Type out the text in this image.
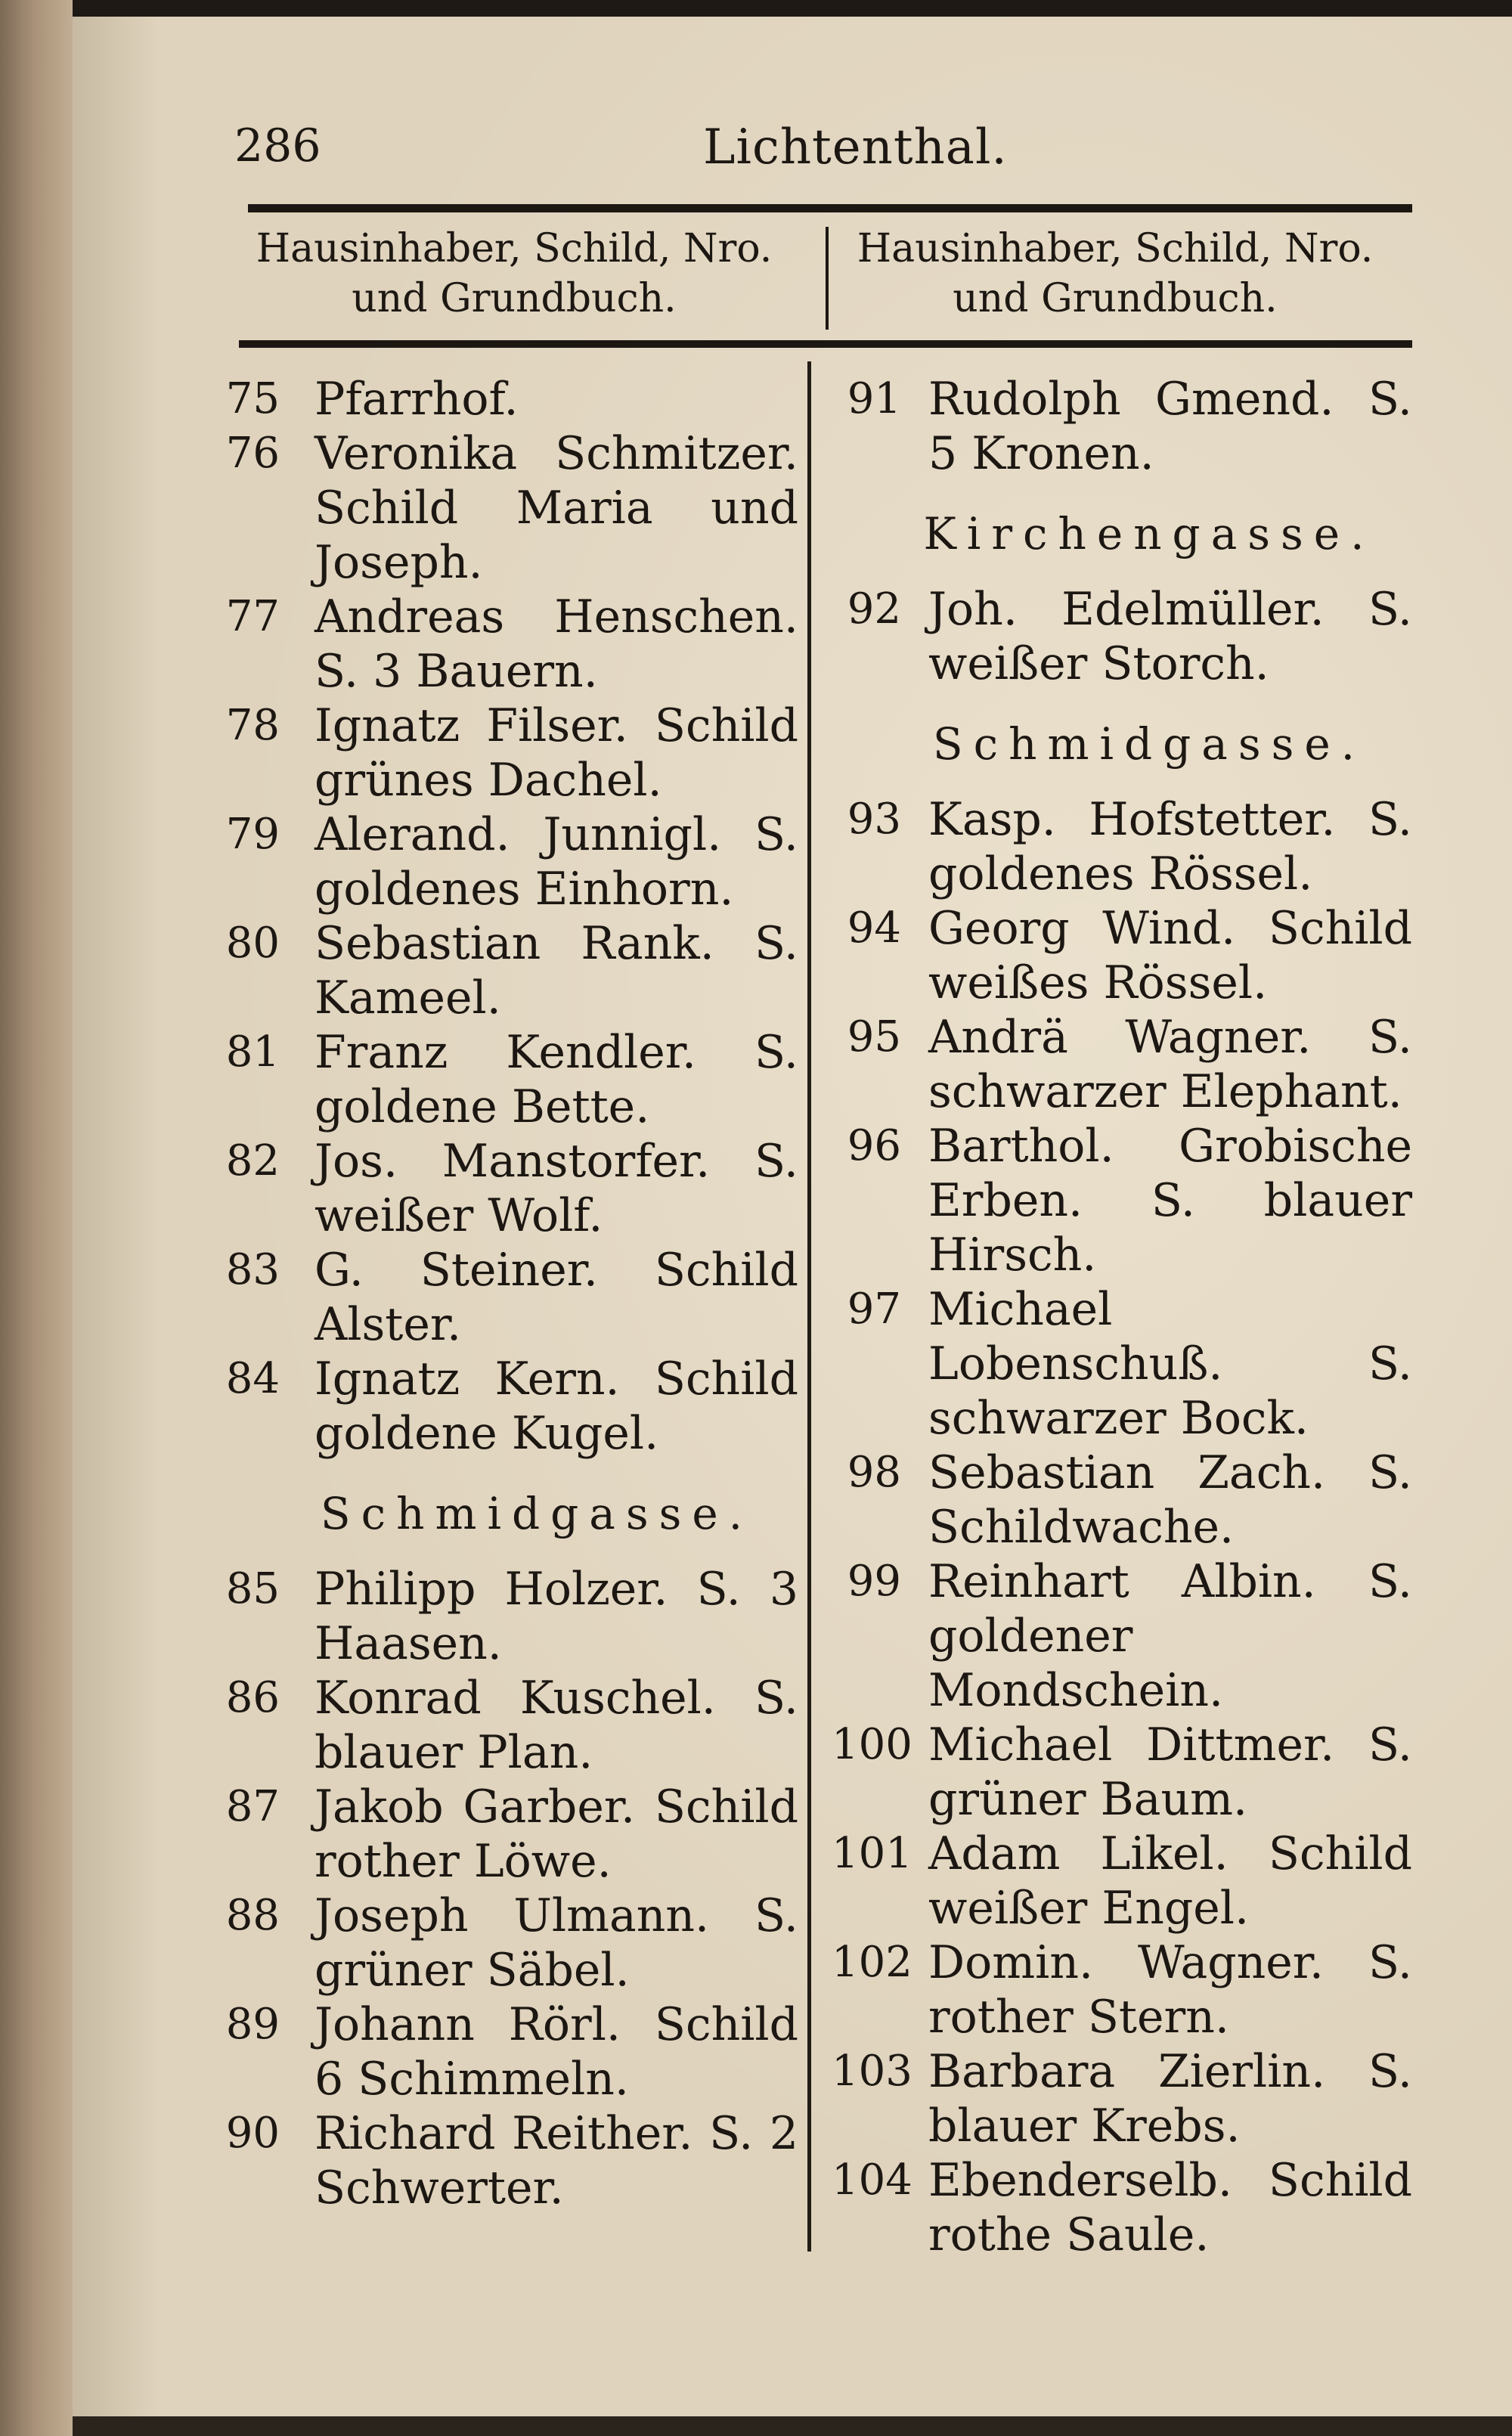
286	Lichtenthal.
Hausinhaber, Schild, Nro. und Grundbuch.
Hausinhaber, Schild, Nro. und Grundbuch.
75 Pfarrhof.
76 Veronika Schmitzer. Schild Maria und Joseph.
77 Andreas Henschen. S. 3 Bauern.
78 Ignatz Filser. Schild grünes Dachel.
79 Alerand. Junnigl. S. goldenes Einhorn.
80 Sebastian Rank. S. Kameel.
81 Franz Kendler. S. goldene Bette.
82 Jos. Manstorfer. S. weißer Wolf.
83 G. Steiner. Schild Alster.
84 Ignatz Kern. Schild goldene Kugel.
Schmidgasse.
85 Philipp Holzer. S. 3 Haasen.
86 Konrad Kuschel. S. blauer Plan.
87 Jakob Garber. Schild rother Löwe.
88 Joseph Ulmann. S. grüner Säbel.
89 Johann Rörl. Schild 6 Schimmeln.
90 Richard Reither. S. 2 Schwerter.
91 Rudolph Gmend. S. 5 Kronen.
Kirchengasse.
92 Joh. Edelmüller. S. weißer Storch.
Schmidgasse.
93 Kasp. Hofstetter. S. goldenes Rössel.
94 Georg Wind. Schild weißes Rössel.
95 Andrä Wagner. S. schwarzer Elephant.
96 Barthol. Grobische Erben. S. blauer Hirsch.
97 Michael Lobenschuß. S. schwarzer Bock.
98 Sebastian Zach. S. Schildwache.
99 Reinhart Albin. S. goldener Mondschein.
100 Michael Dittmer. S. grüner Baum.
101 Adam Likel. Schild weißer Engel.
102 Domin. Wagner. S. rother Stern.
103 Barbara Zierlin. S. blauer Krebs.
104 Ebenderselb. Schild rothe Saule.
